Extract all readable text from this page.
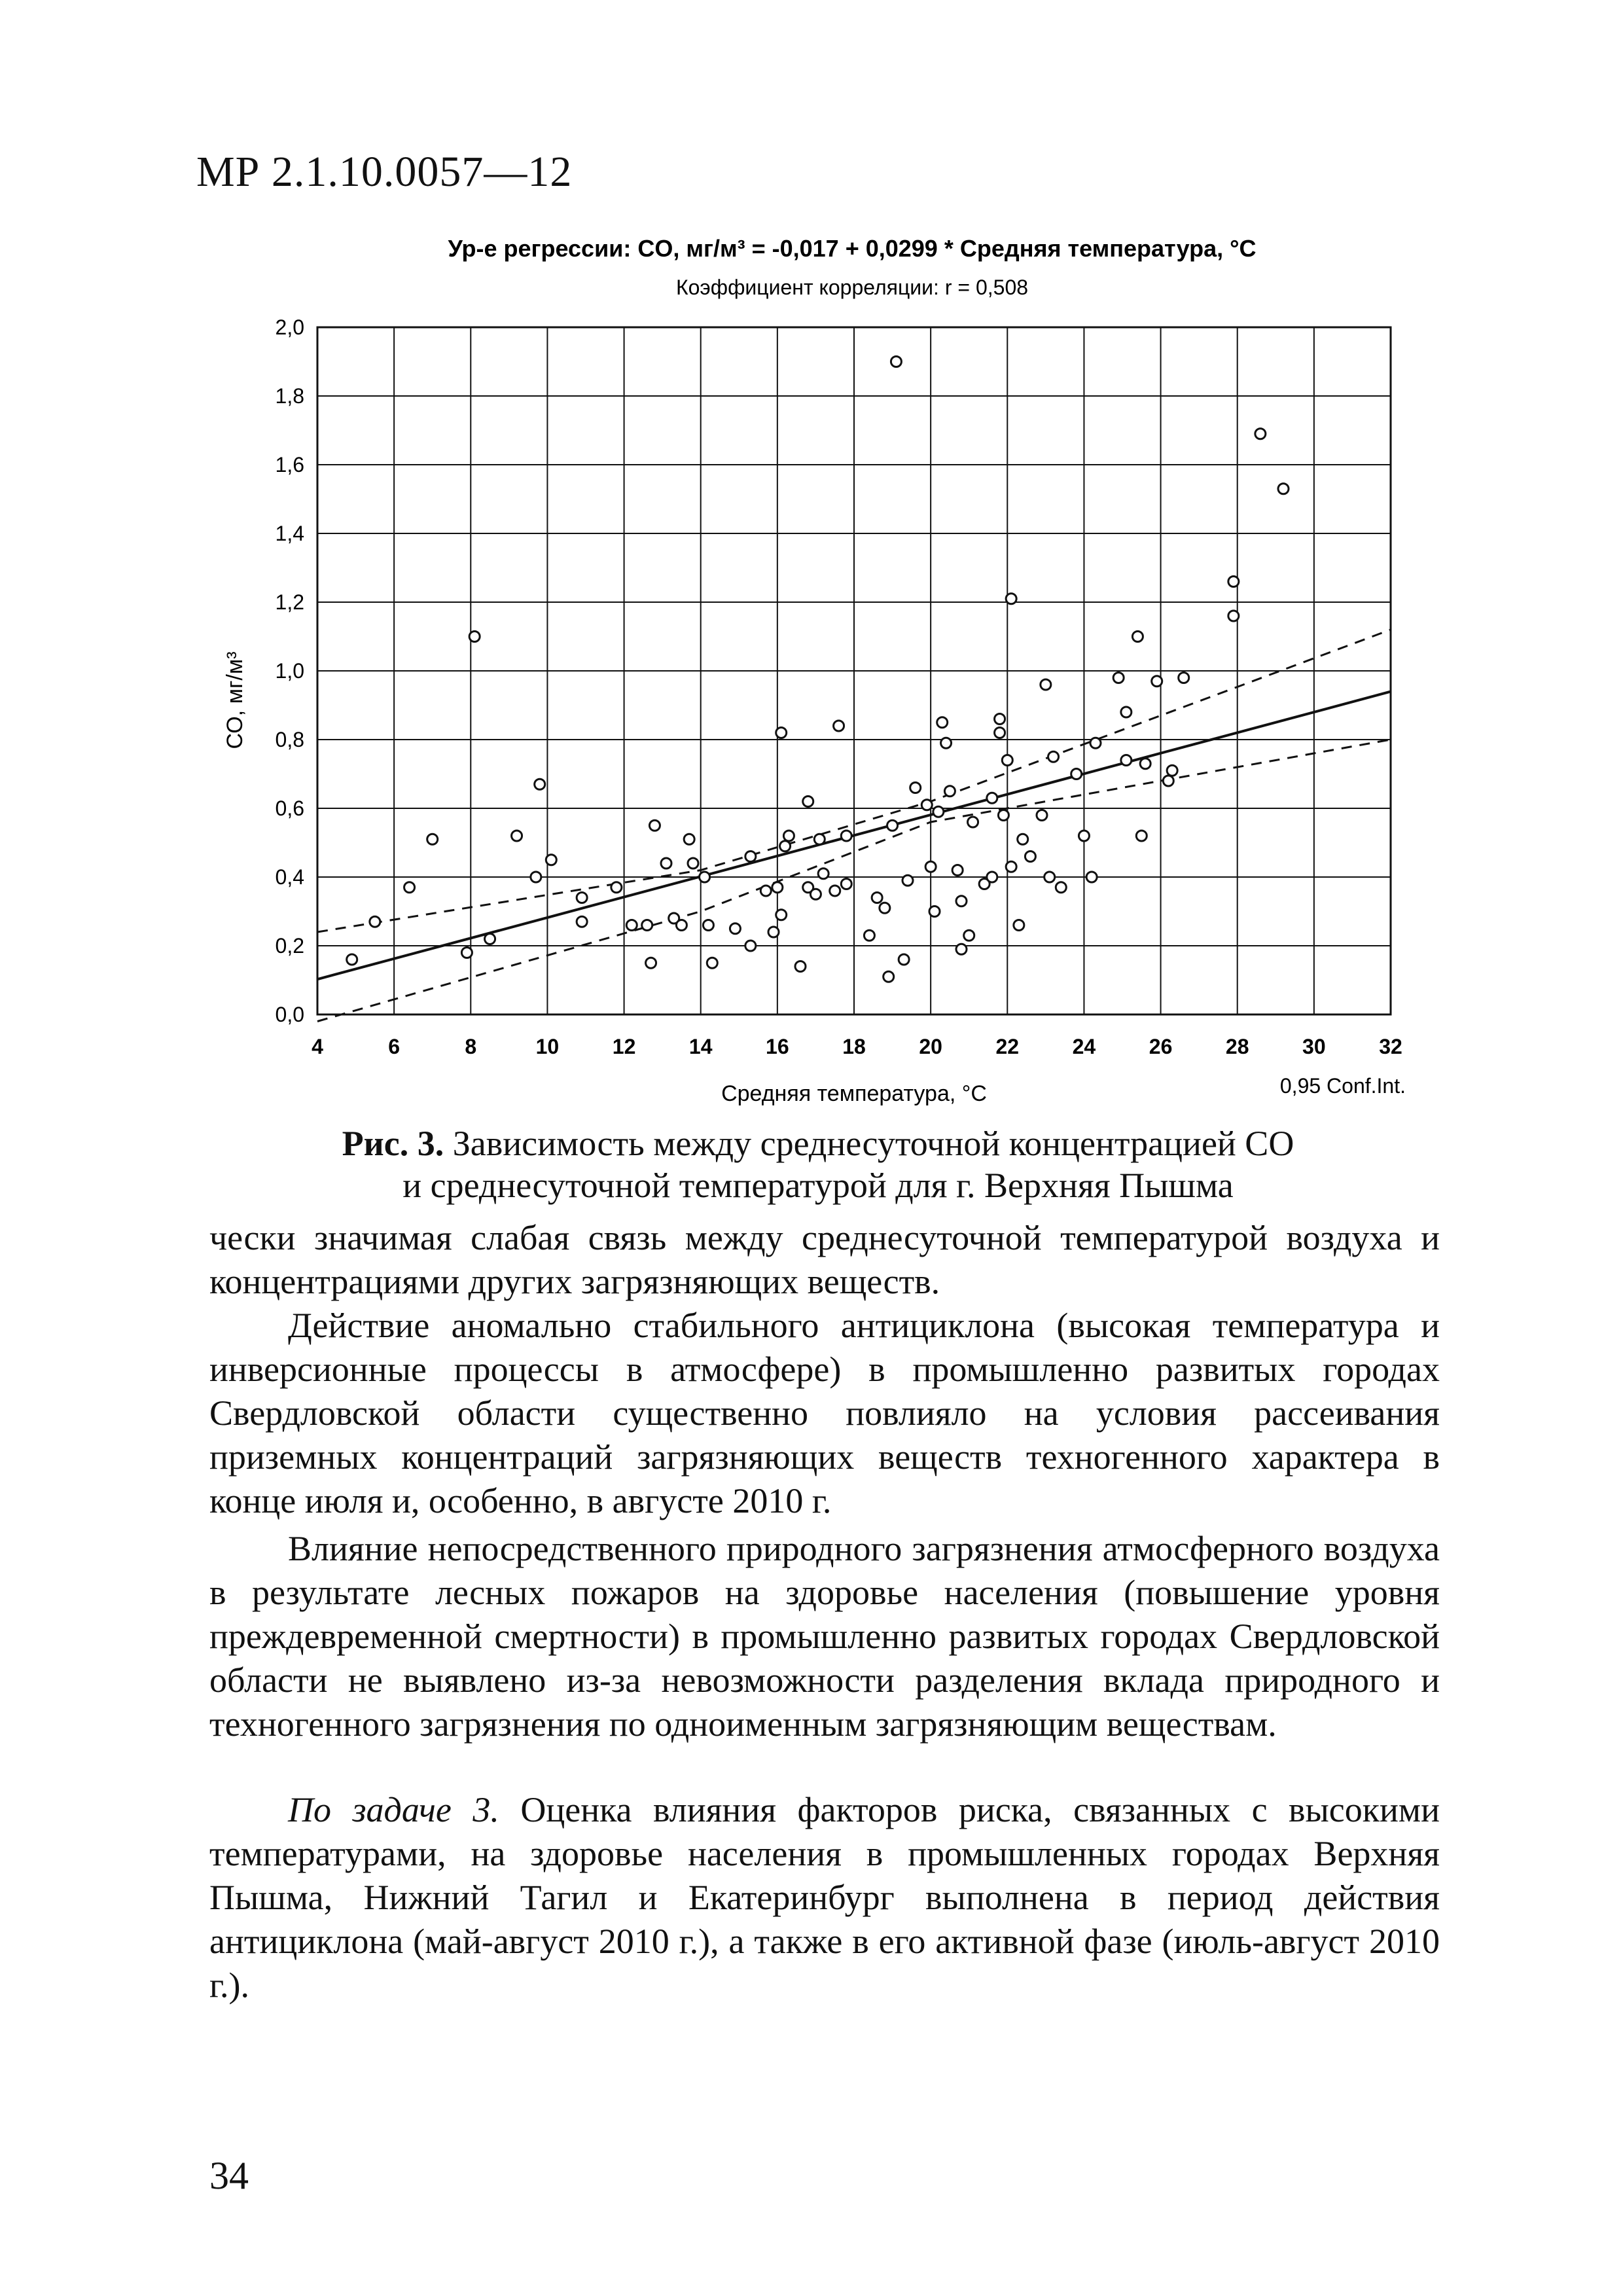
МР 2.1.10.0057—12
Ур-е регрессии: CO, мг/м³ = -0,017 + 0,0299 * Средняя температура, °С
Коэффициент корреляции: r = 0,508
4	6	8	10	12	14	16	18	20	22	24	26	28	30	32
0,0
0,2
0,4
0,6
0,8
1,0
1,2
1,4
1,6
1,8
2,0
Средняя температура, °С	0,95 Conf.Int.
СО, мг/м³
Рис. 3. Зависимость между среднесуточной концентрацией СО
и среднесуточной температурой для г. Верхняя Пышма

чески значимая слабая связь между среднесуточной температурой воздуха и концентрациями других загрязняющих веществ.

Действие аномально стабильного антициклона (высокая температура и инверсионные процессы в атмосфере) в промышленно развитых городах Свердловской области существенно повлияло на условия рассеивания приземных концентраций загрязняющих веществ техногенного характера в конце июля и, особенно, в августе 2010 г.

Влияние непосредственного природного загрязнения атмосферного воздуха в результате лесных пожаров на здоровье населения (повышение уровня преждевременной смертности) в промышленно развитых городах Свердловской области не выявлено из-за невозможности разделения вклада природного и техногенного загрязнения по одноименным загрязняющим веществам.

По задаче 3. Оценка влияния факторов риска, связанных с высокими температурами, на здоровье населения в промышленных городах Верхняя Пышма, Нижний Тагил и Екатеринбург выполнена в период действия антициклона (май-август 2010 г.), а также в его активной фазе (июль-август 2010 г.).

34
